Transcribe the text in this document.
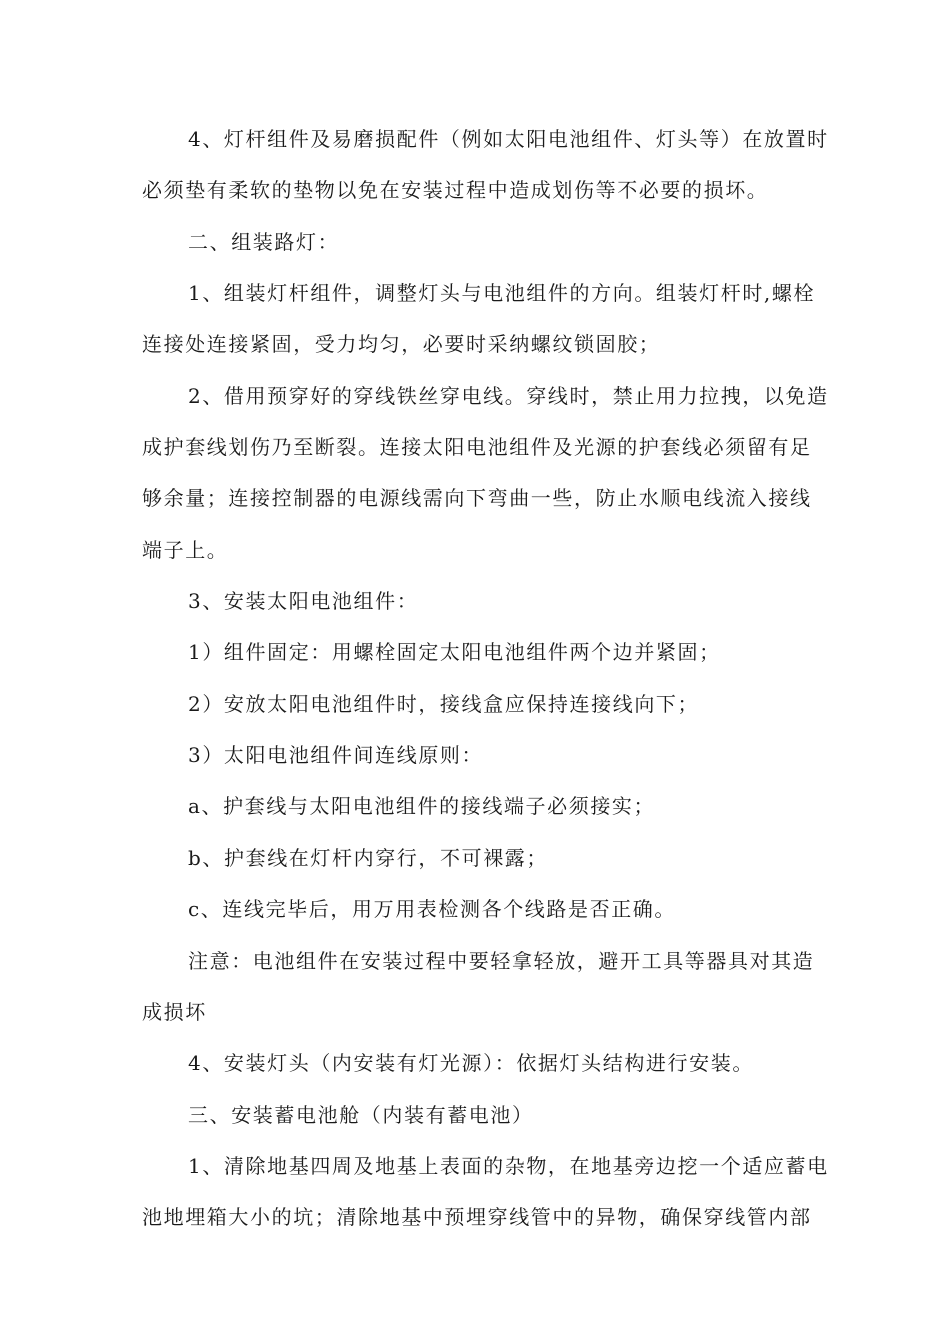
4、灯杆组件及易磨损配件（例如太阳电池组件、灯头等）在放置时
必须垫有柔软的垫物以免在安装过程中造成划伤等不必要的损坏。
二、组装路灯：
1、组装灯杆组件，调整灯头与电池组件的方向。组装灯杆时,螺栓
连接处连接紧固，受力均匀，必要时采纳螺纹锁固胶；
2、借用预穿好的穿线铁丝穿电线。穿线时，禁止用力拉拽，以免造
成护套线划伤乃至断裂。连接太阳电池组件及光源的护套线必须留有足
够余量；连接控制器的电源线需向下弯曲一些，防止水顺电线流入接线
端子上。
3、安装太阳电池组件：
1）组件固定：用螺栓固定太阳电池组件两个边并紧固；
2）安放太阳电池组件时，接线盒应保持连接线向下；
3）太阳电池组件间连线原则：
a、护套线与太阳电池组件的接线端子必须接实；
b、护套线在灯杆内穿行，不可裸露；
c、连线完毕后，用万用表检测各个线路是否正确。
注意：电池组件在安装过程中要轻拿轻放，避开工具等器具对其造
成损坏
4、安装灯头（内安装有灯光源）：依据灯头结构进行安装。
三、安装蓄电池舱（内装有蓄电池）
1、清除地基四周及地基上表面的杂物，在地基旁边挖一个适应蓄电
池地埋箱大小的坑；清除地基中预埋穿线管中的异物，确保穿线管内部
